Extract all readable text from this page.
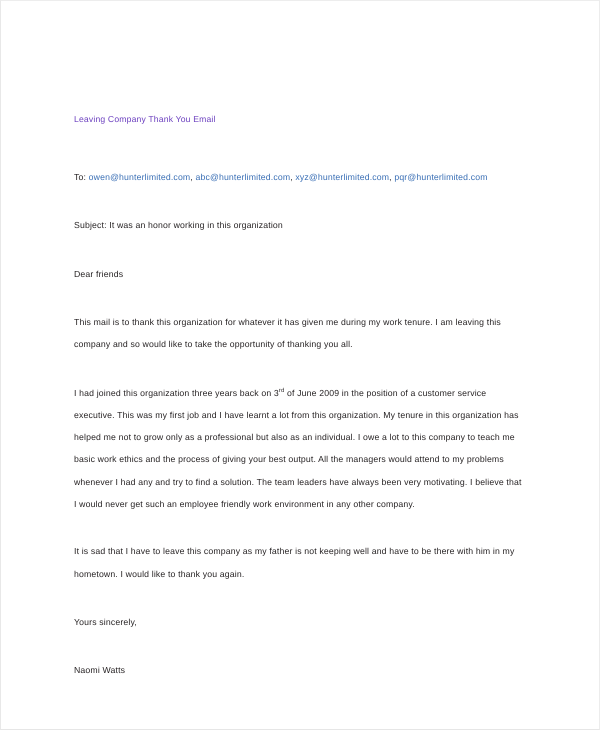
Leaving Company Thank You Email
To: owen@hunterlimited.com, abc@hunterlimited.com, xyz@hunterlimited.com, pqr@hunterlimited.com
Subject: It was an honor working in this organization
Dear friends

This mail is to thank this organization for whatever it has given me during my work tenure. I am leaving this company and so would like to take the opportunity of thanking you all.

I had joined this organization three years back on 3rd of June 2009 in the position of a customer service executive. This was my first job and I have learnt a lot from this organization. My tenure in this organization has helped me not to grow only as a professional but also as an individual. I owe a lot to this company to teach me basic work ethics and the process of giving your best output. All the managers would attend to my problems whenever I had any and try to find a solution. The team leaders have always been very motivating. I believe that I would never get such an employee friendly work environment in any other company.

It is sad that I have to leave this company as my father is not keeping well and have to be there with him in my hometown. I would like to thank you again.

Yours sincerely,
Naomi Watts
